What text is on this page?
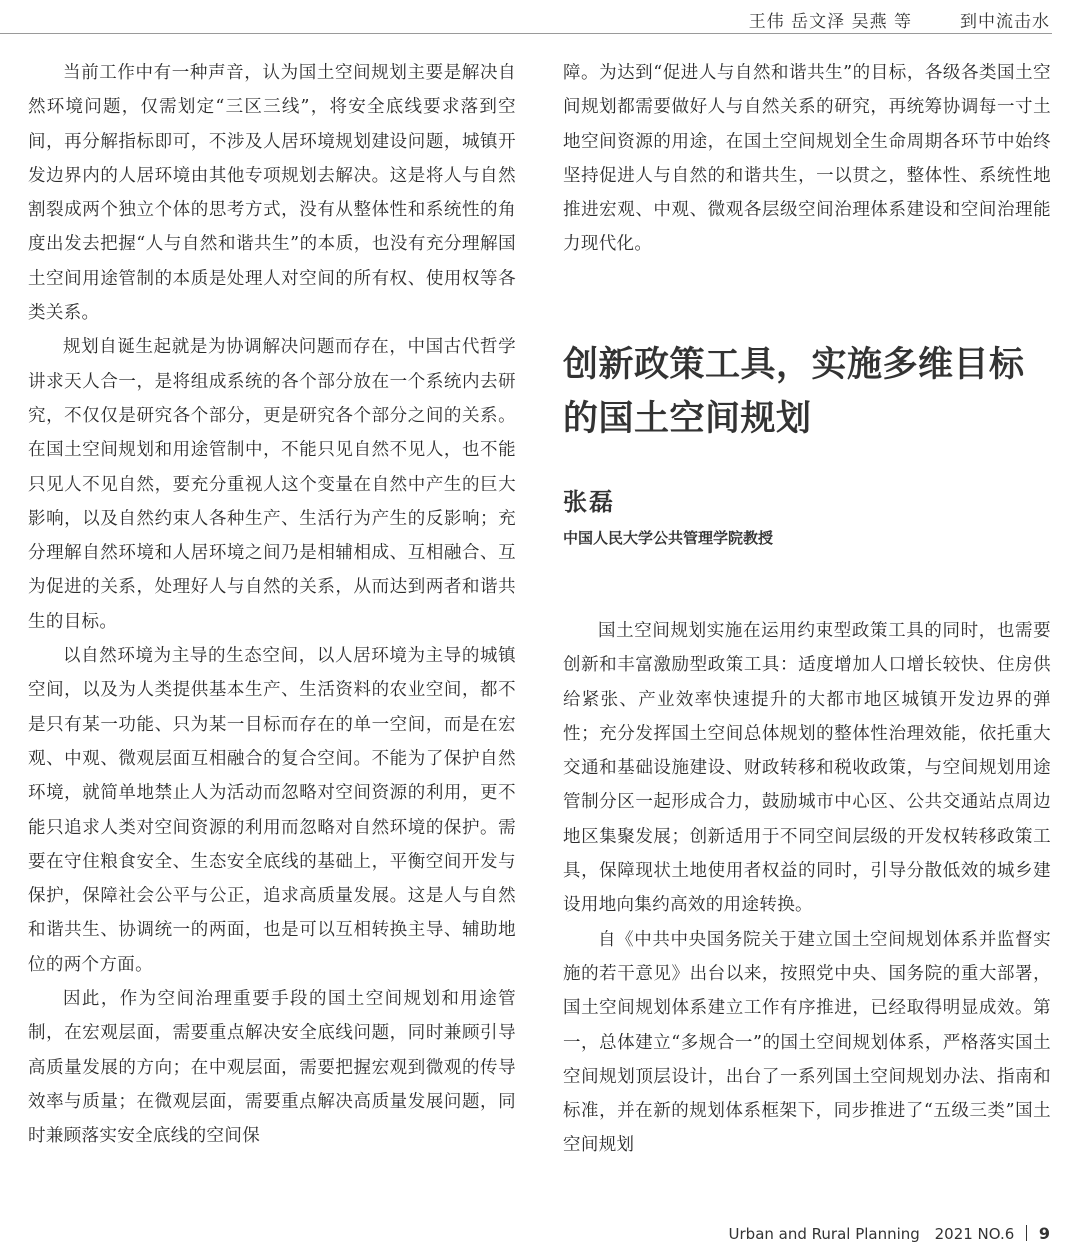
王伟 岳文泽 吴燕 等	到中流击水

当前工作中有一种声音，认为国土空间规划主要是解决自然环境问题，仅需划定“三区三线”，将安全底线要求落到空间，再分解指标即可，不涉及人居环境规划建设问题，城镇开发边界内的人居环境由其他专项规划去解决。这是将人与自然割裂成两个独立个体的思考方式，没有从整体性和系统性的角度出发去把握“人与自然和谐共生”的本质，也没有充分理解国土空间用途管制的本质是处理人对空间的所有权、使用权等各类关系。

规划自诞生起就是为协调解决问题而存在，中国古代哲学讲求天人合一，是将组成系统的各个部分放在一个系统内去研究，不仅仅是研究各个部分，更是研究各个部分之间的关系。在国土空间规划和用途管制中，不能只见自然不见人，也不能只见人不见自然，要充分重视人这个变量在自然中产生的巨大影响，以及自然约束人各种生产、生活行为产生的反影响；充分理解自然环境和人居环境之间乃是相辅相成、互相融合、互为促进的关系，处理好人与自然的关系，从而达到两者和谐共生的目标。

以自然环境为主导的生态空间，以人居环境为主导的城镇空间，以及为人类提供基本生产、生活资料的农业空间，都不是只有某一功能、只为某一目标而存在的单一空间，而是在宏观、中观、微观层面互相融合的复合空间。不能为了保护自然环境，就简单地禁止人为活动而忽略对空间资源的利用，更不能只追求人类对空间资源的利用而忽略对自然环境的保护。需要在守住粮食安全、生态安全底线的基础上，平衡空间开发与保护，保障社会公平与公正，追求高质量发展。这是人与自然和谐共生、协调统一的两面，也是可以互相转换主导、辅助地位的两个方面。

因此，作为空间治理重要手段的国土空间规划和用途管制，在宏观层面，需要重点解决安全底线问题，同时兼顾引导高质量发展的方向；在中观层面，需要把握宏观到微观的传导效率与质量；在微观层面，需要重点解决高质量发展问题，同时兼顾落实安全底线的空间保

障。为达到“促进人与自然和谐共生”的目标，各级各类国土空间规划都需要做好人与自然关系的研究，再统筹协调每一寸土地空间资源的用途，在国土空间规划全生命周期各环节中始终坚持促进人与自然的和谐共生，一以贯之，整体性、系统性地推进宏观、中观、微观各层级空间治理体系建设和空间治理能力现代化。

创新政策工具，实施多维目标的国土空间规划
张磊
中国人民大学公共管理学院教授

国土空间规划实施在运用约束型政策工具的同时，也需要创新和丰富激励型政策工具：适度增加人口增长较快、住房供给紧张、产业效率快速提升的大都市地区城镇开发边界的弹性；充分发挥国土空间总体规划的整体性治理效能，依托重大交通和基础设施建设、财政转移和税收政策，与空间规划用途管制分区一起形成合力，鼓励城市中心区、公共交通站点周边地区集聚发展；创新适用于不同空间层级的开发权转移政策工具，保障现状土地使用者权益的同时，引导分散低效的城乡建设用地向集约高效的用途转换。

自《中共中央国务院关于建立国土空间规划体系并监督实施的若干意见》出台以来，按照党中央、国务院的重大部署，国土空间规划体系建立工作有序推进，已经取得明显成效。第一，总体建立“多规合一”的国土空间规划体系，严格落实国土空间规划顶层设计，出台了一系列国土空间规划办法、指南和标准，并在新的规划体系框架下，同步推进了“五级三类”国土空间规划

Urban and Rural Planning 2021 NO.6 9
